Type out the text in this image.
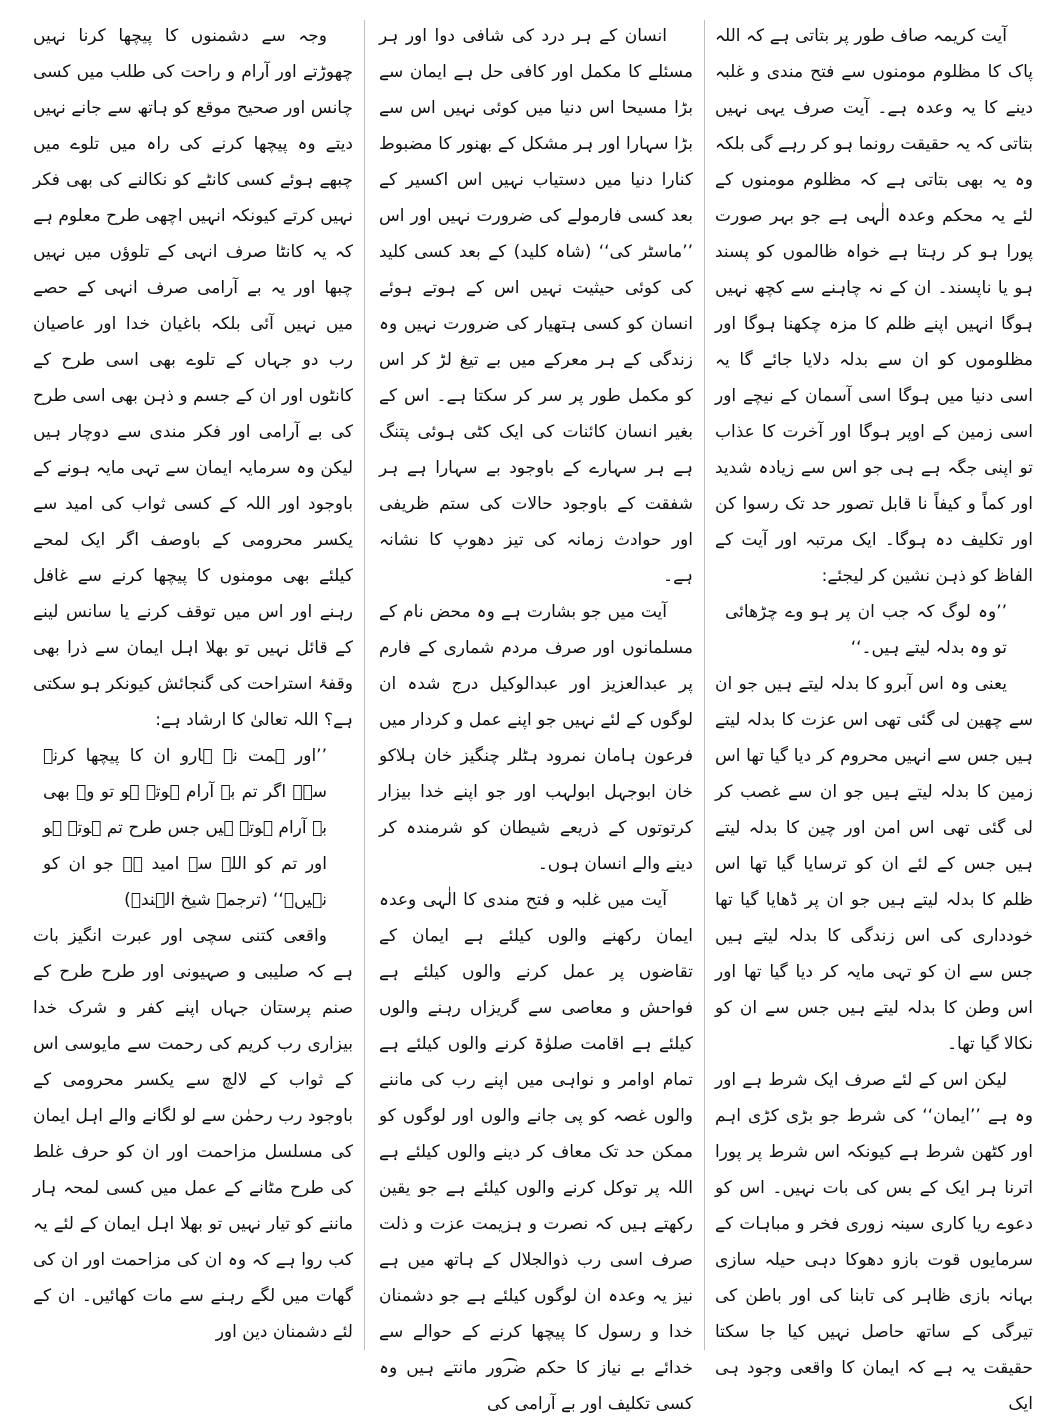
آیت کریمہ صاف طور پر بتاتی ہے کہ اللہ پاک کا مظلوم مومنوں سے فتح مندی و غلبہ دینے کا یہ وعدہ ہے۔ آیت صرف یہی نہیں بتاتی کہ یہ حقیقت رونما ہو کر رہے گی بلکہ وہ یہ بھی بتاتی ہے کہ مظلوم مومنوں کے لئے یہ محکم وعدہ الٰہی ہے جو بہر صورت پورا ہو کر رہتا ہے خواہ ظالموں کو پسند ہو یا ناپسند۔ ان کے نہ چاہنے سے کچھ نہیں ہوگا انہیں اپنے ظلم کا مزہ چکھنا ہوگا اور مظلوموں کو ان سے بدلہ دلایا جائے گا یہ اسی دنیا میں ہوگا اسی آسمان کے نیچے اور اسی زمین کے اوپر ہوگا اور آخرت کا عذاب تو اپنی جگہ ہے ہی جو اس سے زیادہ شدید اور کماً و کیفاً نا قابل تصور حد تک رسوا کن اور تکلیف دہ ہوگا۔ ایک مرتبہ اور آیت کے الفاظ کو ذہن نشین کر لیجئے:

’’وہ لوگ کہ جب ان پر ہو وے چڑھائی تو وہ بدلہ لیتے ہیں۔‘‘

یعنی وہ اس آبرو کا بدلہ لیتے ہیں جو ان سے چھین لی گئی تھی اس عزت کا بدلہ لیتے ہیں جس سے انہیں محروم کر دیا گیا تھا اس زمین کا بدلہ لیتے ہیں جو ان سے غصب کر لی گئی تھی اس امن اور چین کا بدلہ لیتے ہیں جس کے لئے ان کو ترسایا گیا تھا اس ظلم کا بدلہ لیتے ہیں جو ان پر ڈھایا گیا تھا خودداری کی اس زندگی کا بدلہ لیتے ہیں جس سے ان کو تہی مایہ کر دیا گیا تھا اور اس وطن کا بدلہ لیتے ہیں جس سے ان کو نکالا گیا تھا۔

لیکن اس کے لئے صرف ایک شرط ہے اور وہ ہے ’’ایمان‘‘ کی شرط جو بڑی کڑی اہم اور کٹھن شرط ہے کیونکہ اس شرط پر پورا اترنا ہر ایک کے بس کی بات نہیں۔ اس کو دعوے ریا کاری سینہ زوری فخر و مباہات کے سرمایوں قوت بازو دھوکا دہی حیلہ سازی بہانہ بازی ظاہر کی تابنا کی اور باطن کی تیرگی کے ساتھ حاصل نہیں کیا جا سکتا حقیقت یہ ہے کہ ایمان کا واقعی وجود ہی ایک

انسان کے ہر درد کی شافی دوا اور ہر مسئلے کا مکمل اور کافی حل ہے ایمان سے بڑا مسیحا اس دنیا میں کوئی نہیں اس سے بڑا سہارا اور ہر مشکل کے بھنور کا مضبوط کنارا دنیا میں دستیاب نہیں اس اکسیر کے بعد کسی فارمولے کی ضرورت نہیں اور اس ’’ماسٹر کی‘‘ (شاہ کلید) کے بعد کسی کلید کی کوئی حیثیت نہیں اس کے ہوتے ہوئے انسان کو کسی ہتھیار کی ضرورت نہیں وہ زندگی کے ہر معرکے میں بے تیغ لڑ کر اس کو مکمل طور پر سر کر سکتا ہے۔ اس کے بغیر انسان کائنات کی ایک کٹی ہوئی پتنگ ہے ہر سہارے کے باوجود بے سہارا ہے ہر شفقت کے باوجود حالات کی ستم ظریفی اور حوادث زمانہ کی تیز دھوپ کا نشانہ ہے۔

آیت میں جو بشارت ہے وہ محض نام کے مسلمانوں اور صرف مردم شماری کے فارم پر عبدالعزیز اور عبدالوکیل درج شدہ ان لوگوں کے لئے نہیں جو اپنے عمل و کردار میں فرعون ہامان نمرود ہٹلر چنگیز خان ہلاکو خان ابوجہل ابولہب اور جو اپنے خدا بیزار کرتوتوں کے ذریعے شیطان کو شرمندہ کر دینے والے انسان ہوں۔

آیت میں غلبہ و فتح مندی کا الٰہی وعدہ ایمان رکھنے والوں کیلئے ہے ایمان کے تقاضوں پر عمل کرنے والوں کیلئے ہے فواحش و معاصی سے گریزاں رہنے والوں کیلئے ہے اقامت صلوٰۃ کرنے والوں کیلئے ہے تمام اوامر و نواہی میں اپنے رب کی ماننے والوں غصہ کو پی جانے والوں اور لوگوں کو ممکن حد تک معاف کر دینے والوں کیلئے ہے اللہ پر توکل کرنے والوں کیلئے ہے جو یقین رکھتے ہیں کہ نصرت و ہزیمت عزت و ذلت صرف اسی رب ذوالجلال کے ہاتھ میں ہے نیز یہ وعدہ ان لوگوں کیلئے ہے جو دشمنان خدا و رسول کا پیچھا کرنے کے حوالے سے خدائے بے نیاز کا حکم ضرور مانتے ہیں وہ کسی تکلیف اور بے آرامی کی

وجہ سے دشمنوں کا پیچھا کرنا نہیں چھوڑتے اور آرام و راحت کی طلب میں کسی چانس اور صحیح موقع کو ہاتھ سے جانے نہیں دیتے وہ پیچھا کرنے کی راہ میں تلوے میں چبھے ہوئے کسی کانٹے کو نکالنے کی بھی فکر نہیں کرتے کیونکہ انہیں اچھی طرح معلوم ہے کہ یہ کانٹا صرف انہی کے تلوؤں میں نہیں چبھا اور یہ بے آرامی صرف انہی کے حصے میں نہیں آئی بلکہ باغیان خدا اور عاصیان رب دو جہاں کے تلوے بھی اسی طرح کے کانٹوں اور ان کے جسم و ذہن بھی اسی طرح کی بے آرامی اور فکر مندی سے دوچار ہیں لیکن وہ سرمایہ ایمان سے تہی مایہ ہونے کے باوجود اور اللہ کے کسی ثواب کی امید سے یکسر محرومی کے باوصف اگر ایک لمحے کیلئے بھی مومنوں کا پیچھا کرنے سے غافل رہنے اور اس میں توقف کرنے یا سانس لینے کے قائل نہیں تو بھلا اہل ایمان سے ذرا بھی وقفۂ استراحت کی گنجائش کیونکر ہو سکتی ہے؟ اللہ تعالیٰ کا ارشاد ہے:

’’اور ہمت نہ ہارو ان کا پیچھا کرنے سے۔ اگر تم بے آرام ہوتے ہو تو وہ بھی بے آرام ہوتے ہیں جس طرح تم ہوتے ہو اور تم کو اللہ سے امید ہے جو ان کو نہیں۔‘‘ (ترجمہ شیخ الہندؒ)

واقعی کتنی سچی اور عبرت انگیز بات ہے کہ صلیبی و صہیونی اور طرح طرح کے صنم پرستان جہاں اپنے کفر و شرک خدا بیزاری رب کریم کی رحمت سے مایوسی اس کے ثواب کے لالچ سے یکسر محرومی کے باوجود رب رحمٰن سے لو لگانے والے اہل ایمان کی مسلسل مزاحمت اور ان کو حرف غلط کی طرح مٹانے کے عمل میں کسی لمحہ ہار ماننے کو تیار نہیں تو بھلا اہل ایمان کے لئے یہ کب روا ہے کہ وہ ان کی مزاحمت اور ان کی گھات میں لگے رہنے سے مات کھائیں۔ ان کے لئے دشمنان دین اور
